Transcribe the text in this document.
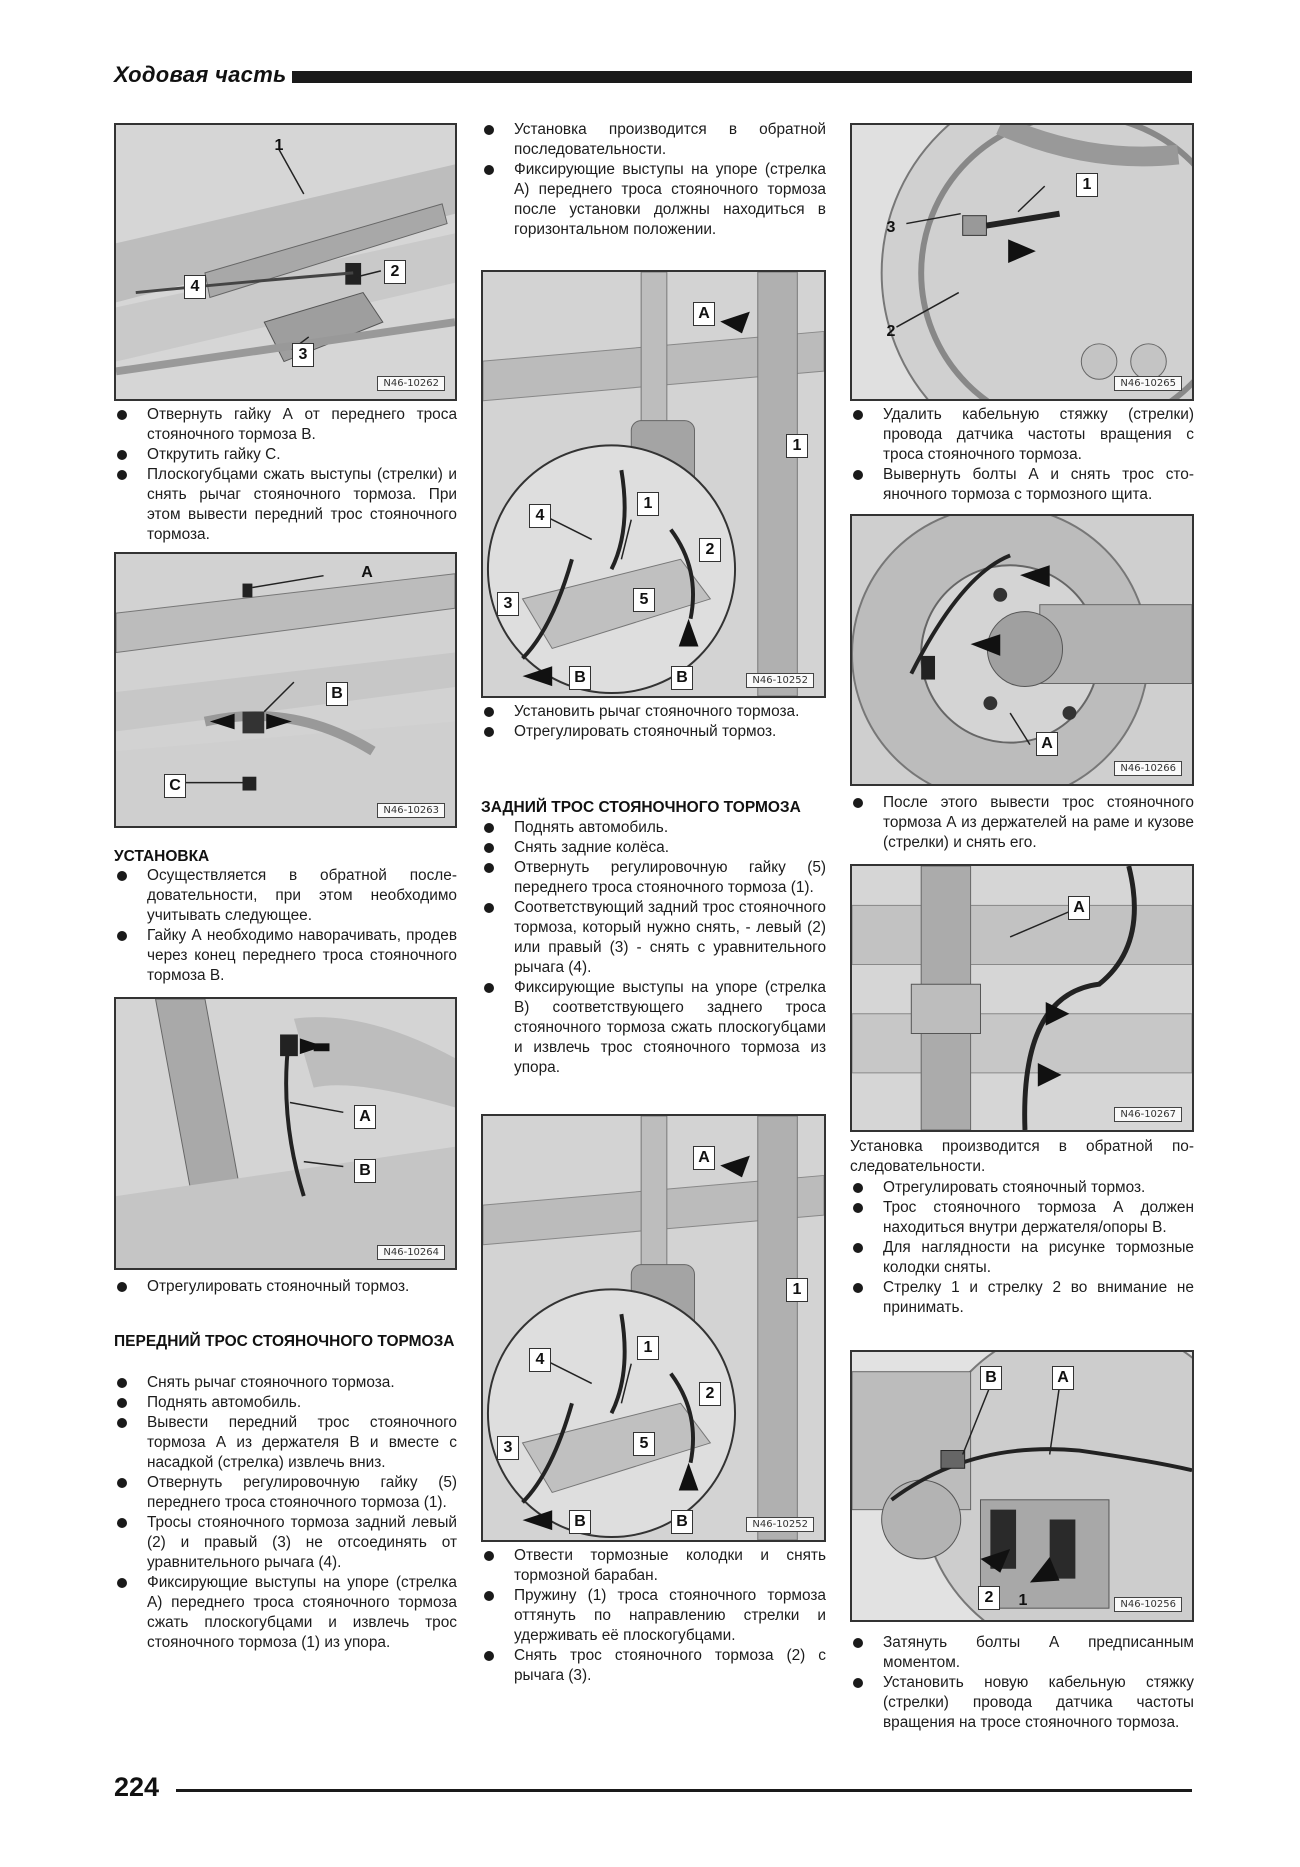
Ходовая часть
1
2
3
4
N46-10262
Отвернуть гайку А от переднего троса стояночного тормоза В.
Открутить гайку С.
Плоскогубцами сжать выступы (стрелки) и снять рычаг стояночного тормоза. При этом вывести передний трос стояночного тормоза.
A
B
C
N46-10263
УСТАНОВКА
Осуществляется в обратной последовательности, при этом необходимо учитывать следующее.
Гайку А необходимо наворачивать, продев через конец переднего троса стояночного тормоза В.
A
B
N46-10264
Отрегулировать стояночный тормоз.
ПЕРЕДНИЙ ТРОС СТОЯНОЧНОГО ТОРМОЗА
Снять рычаг стояночного тормоза.
Поднять автомобиль.
Вывести передний трос стояночного тормоза А из держателя В и вместе с насадкой (стрелка) извлечь вниз.
Отвернуть регулировочную гайку (5) переднего троса стояночного тормоза (1).
Тросы стояночного тормоза задний левый (2) и правый (3) не отсоединять от уравнительного рычага (4).
Фиксирующие выступы на упоре (стрелка А) переднего троса стояночного тормоза сжать плоскогубцами и извлечь трос стояночного тормоза (1) из упора.
Установка производится в обратной последовательности.
Фиксирующие выступы на упоре (стрелка А) переднего троса стояночного тормоза после установки должны находиться в горизонтальном положении.
A
1
4
2
3	5
B	B
1
N46-10252
Установить рычаг стояночного тормоза.
Отрегулировать стояночный тормоз.
ЗАДНИЙ ТРОС СТОЯНОЧНОГО ТОРМОЗА
Поднять автомобиль.
Снять задние колёса.
Отвернуть регулировочную гайку (5) переднего троса стояночного тормоза (1).
Соответствующий задний трос стояночного тормоза, который нужно снять, - левый (2) или правый (3) - снять с уравнительного рычага (4).
Фиксирующие выступы на упоре (стрелка В) соответствующего заднего троса стояночного тормоза сжать плоскогубцами и извлечь трос стояночного тормоза из упора.
A
1
4
2
3	5
B	B
1
N46-10252
Отвести тормозные колодки и снять тормозной барабан.
Пружину (1) троса стояночного тормоза оттянуть по направлению стрелки и удерживать её плоскогубцами.
Снять трос стояночного тормоза (2) с рычага (3).
1
3
2
N46-10265
Удалить кабельную стяжку (стрелки) провода датчика частоты вращения с троса стояночного тормоза.
Вывернуть болты А и снять трос стояночного тормоза с тормозного щита.
A
N46-10266
После этого вывести трос стояночного тормоза А из держателей на раме и кузове (стрелки) и снять его.
A
N46-10267

Установка производится в обратной последовательности.

Отрегулировать стояночный тормоз.
Трос стояночного тормоза А должен находиться внутри держателя/опоры В.
Для наглядности на рисунке тормозные колодки сняты.
Стрелку 1 и стрелку 2 во внимание не принимать.
B	A
2	1	N46-10256
Затянуть болты А предписанным моментом.
Установить новую кабельную стяжку (стрелки) провода датчика частоты вращения на тросе стояночного тормоза.
224
